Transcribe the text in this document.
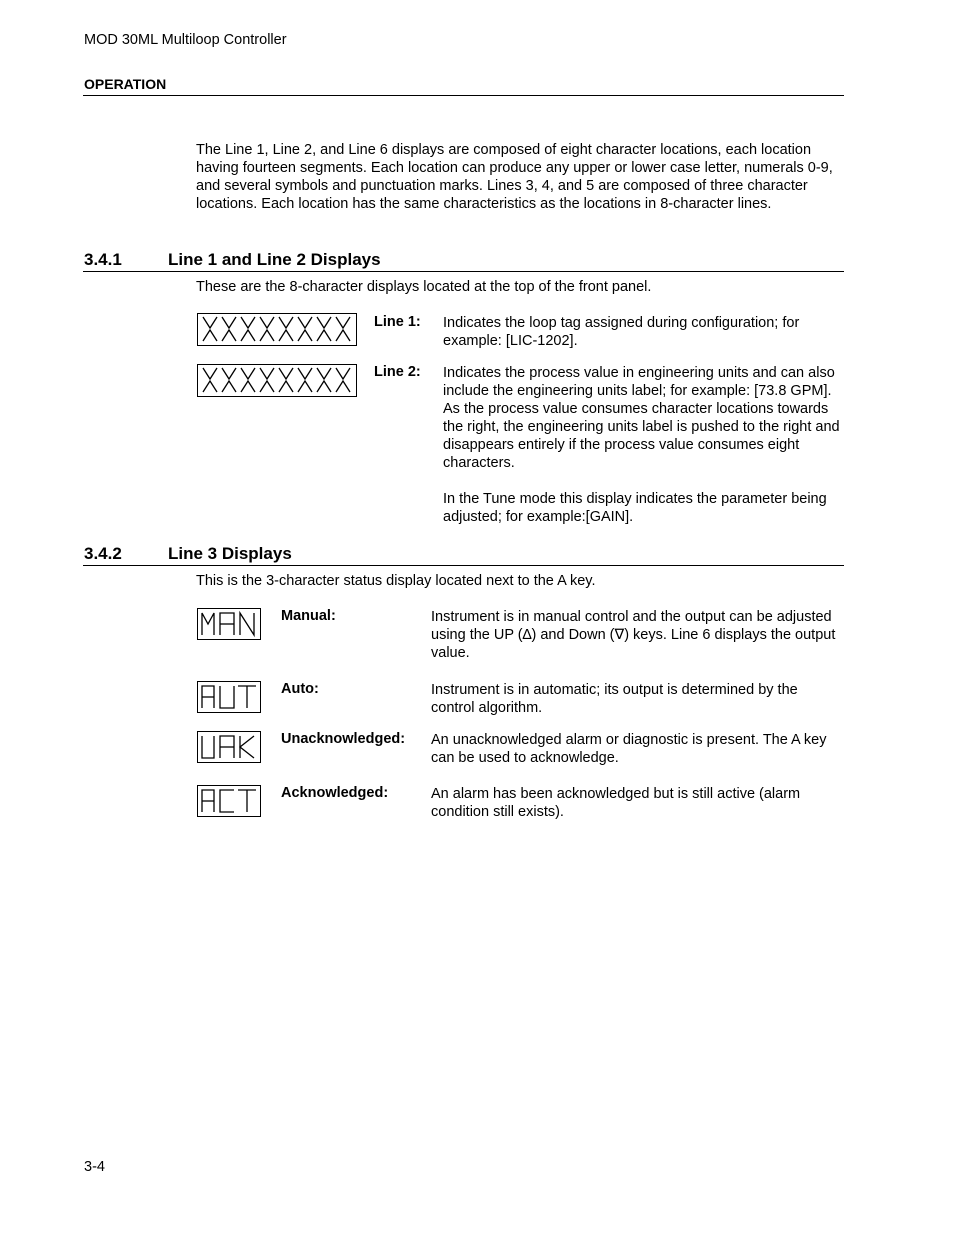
MOD 30ML Multiloop Controller
OPERATION
The Line 1, Line 2, and Line 6 displays are composed of eight character locations, each location having fourteen segments. Each location can produce any upper or lower case letter, numerals 0-9, and several symbols and punctuation marks. Lines 3, 4, and 5 are composed of three character locations. Each location has the same characteristics as the locations in 8-character lines.
3.4.1	Line 1 and Line 2 Displays
These are the 8-character displays located at the top of the front panel.
Line 1: Indicates the loop tag assigned during configuration; for example: [LIC-1202].
Line 2: Indicates the process value in engineering units and can also include the engineering units label; for example: [73.8 GPM]. As the process value consumes character locations towards the right, the engineering units label is pushed to the right and disappears entirely if the process value consumes eight characters.
In the Tune mode this display indicates the parameter being adjusted; for example:[GAIN].
3.4.2	Line 3 Displays
This is the 3-character status display located next to the A key.
Manual:	Instrument is in manual control and the output can be adjusted using the UP (∆) and Down (∇) keys. Line 6 displays the output value.
Auto:	Instrument is in automatic; its output is determined by the control algorithm.
Unacknowledged: An unacknowledged alarm or diagnostic is present. The A key can be used to acknowledge.
Acknowledged:	An alarm has been acknowledged but is still active (alarm condition still exists).
3-4
